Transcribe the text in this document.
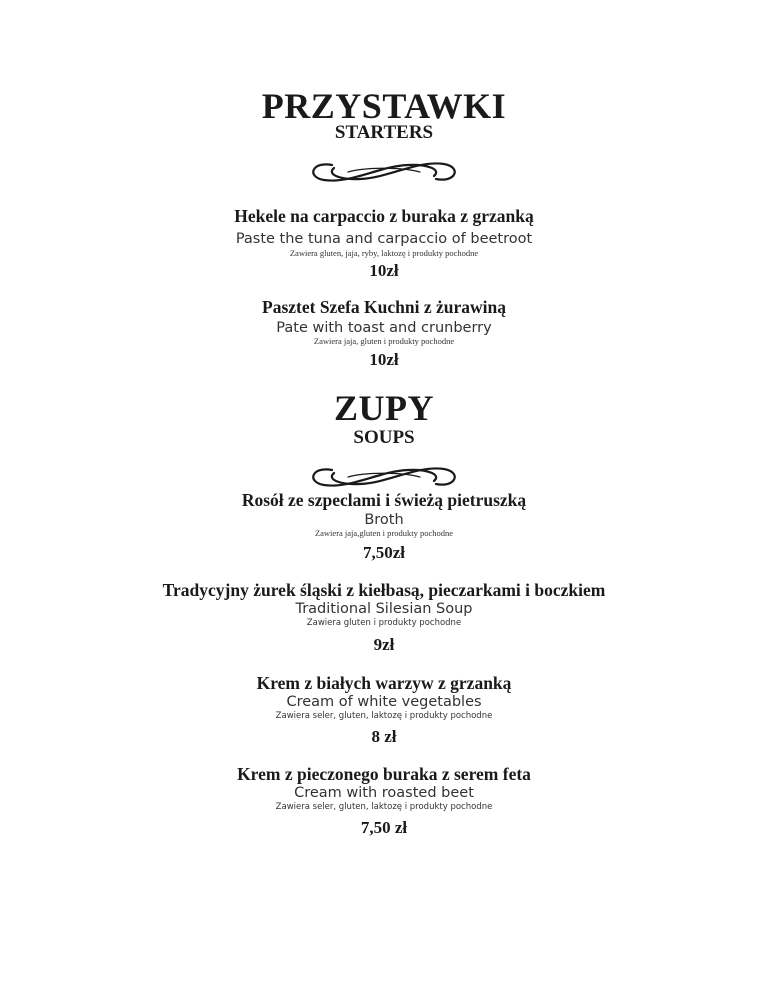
PRZYSTAWKI
STARTERS
Hekele na carpaccio z buraka z grzanką
Paste the tuna and carpaccio of beetroot
Zawiera gluten, jaja, ryby, laktozę i produkty pochodne
10zł
Pasztet Szefa Kuchni z żurawiną
Pate with toast and crunberry
Zawiera jaja, gluten i produkty pochodne
10zł
ZUPY
SOUPS
Rosół ze szpeclami i świeżą pietruszką
Broth
Zawiera jaja,gluten i produkty pochodne
7,50zł
Tradycyjny żurek śląski z kiełbasą, pieczarkami i boczkiem
Traditional Silesian Soup
Zawiera gluten i produkty pochodne
9zł
Krem z białych warzyw z grzanką
Cream of white vegetables
Zawiera seler, gluten, laktozę i produkty pochodne
8 zł
Krem z pieczonego buraka z serem feta
Cream with roasted beet
Zawiera seler, gluten, laktozę i produkty pochodne
7,50 zł
